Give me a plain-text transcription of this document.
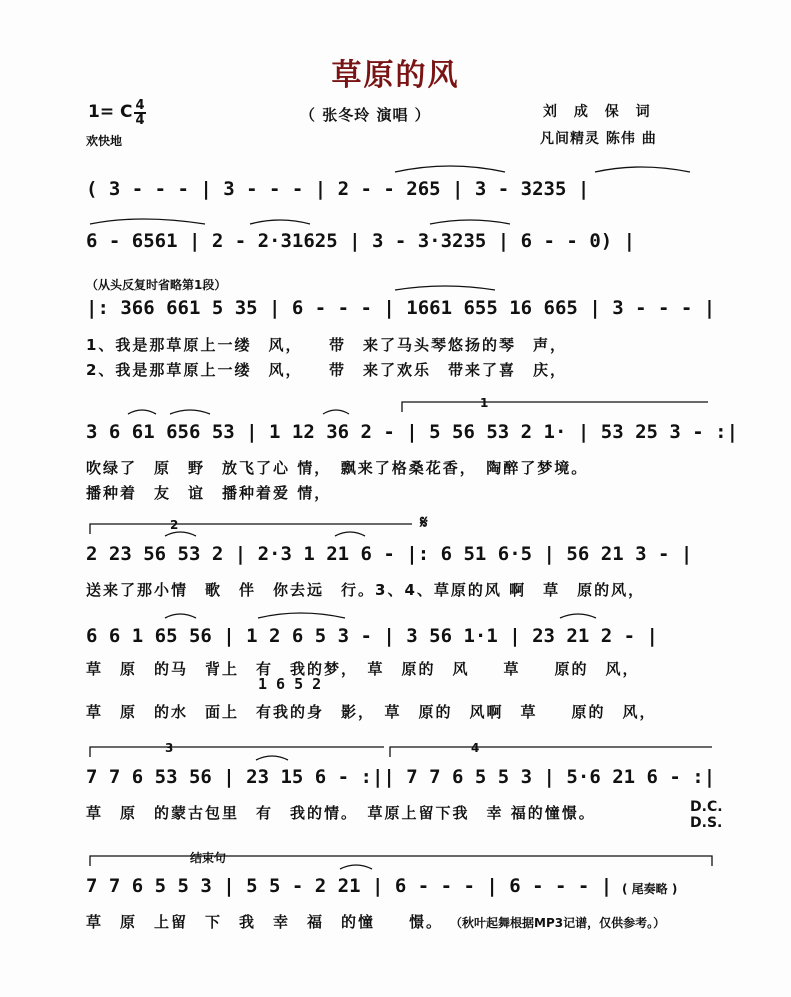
草原的风
（ 张冬玲 演唱 ）
1= C 4
4
欢快地
刘 成 保 词
凡间精灵 陈伟 曲
( 3 - - - | 3 - - - | 2 - - 265 | 3 - 3235 |
6 - 6561 | 2 - 2·31625 | 3 - 3·3235 | 6 - - 0) |
（从头反复时省略第1段）
|: 366 661 5 35 | 6 - - - | 1661 655 16 665 | 3 - - - |
1、我是那草原上一缕　风，　　带　来了马头琴悠扬的琴　声，
2、我是那草原上一缕　风，　　带　来了欢乐　带来了喜　庆，
1
3 6 61 656 53 | 1 12 36 2 - | 5 56 53 2 1· | 53 25 3 - :|
吹绿了　原　野　放飞了心 情，　飘来了格桑花香，　陶醉了梦境。
播种着　友　谊　播种着爱 情，
2	𝄋
2 23 56 53 2 | 2·3 1 21 6 - |: 6 51 6·5 | 56 21 3 - |
送来了那小情　歌　伴　你去远　行。3、4、草原的风 啊　草　原的风，
6 6 1 65 56 | 1 2 6 5 3 - | 3 56 1·1 | 23 21 2 - |
草　原　的马　背上　有　我的梦，　草　原的　风　　草　　原的　风，
1 6 5 2
草　原　的水　面上　有我的身　影，　草　原的　风啊　草　　原的　风，
3	4
7 7 6 53 56 | 23 15 6 - :|| 7 7 6 5 5 3 | 5·6 21 6 - :|
草　原　的蒙古包里　有　我的情。　草原上留下我　幸 福的憧憬。	D.C.
D.S.
结束句
7 7 6 5 5 3 | 5 5 - 2 21 | 6 - - - | 6 - - - | ( 尾奏略 )
草　原　上留　下　我　幸　福　的憧　　憬。 （秋叶起舞根据MP3记谱，仅供参考。）
